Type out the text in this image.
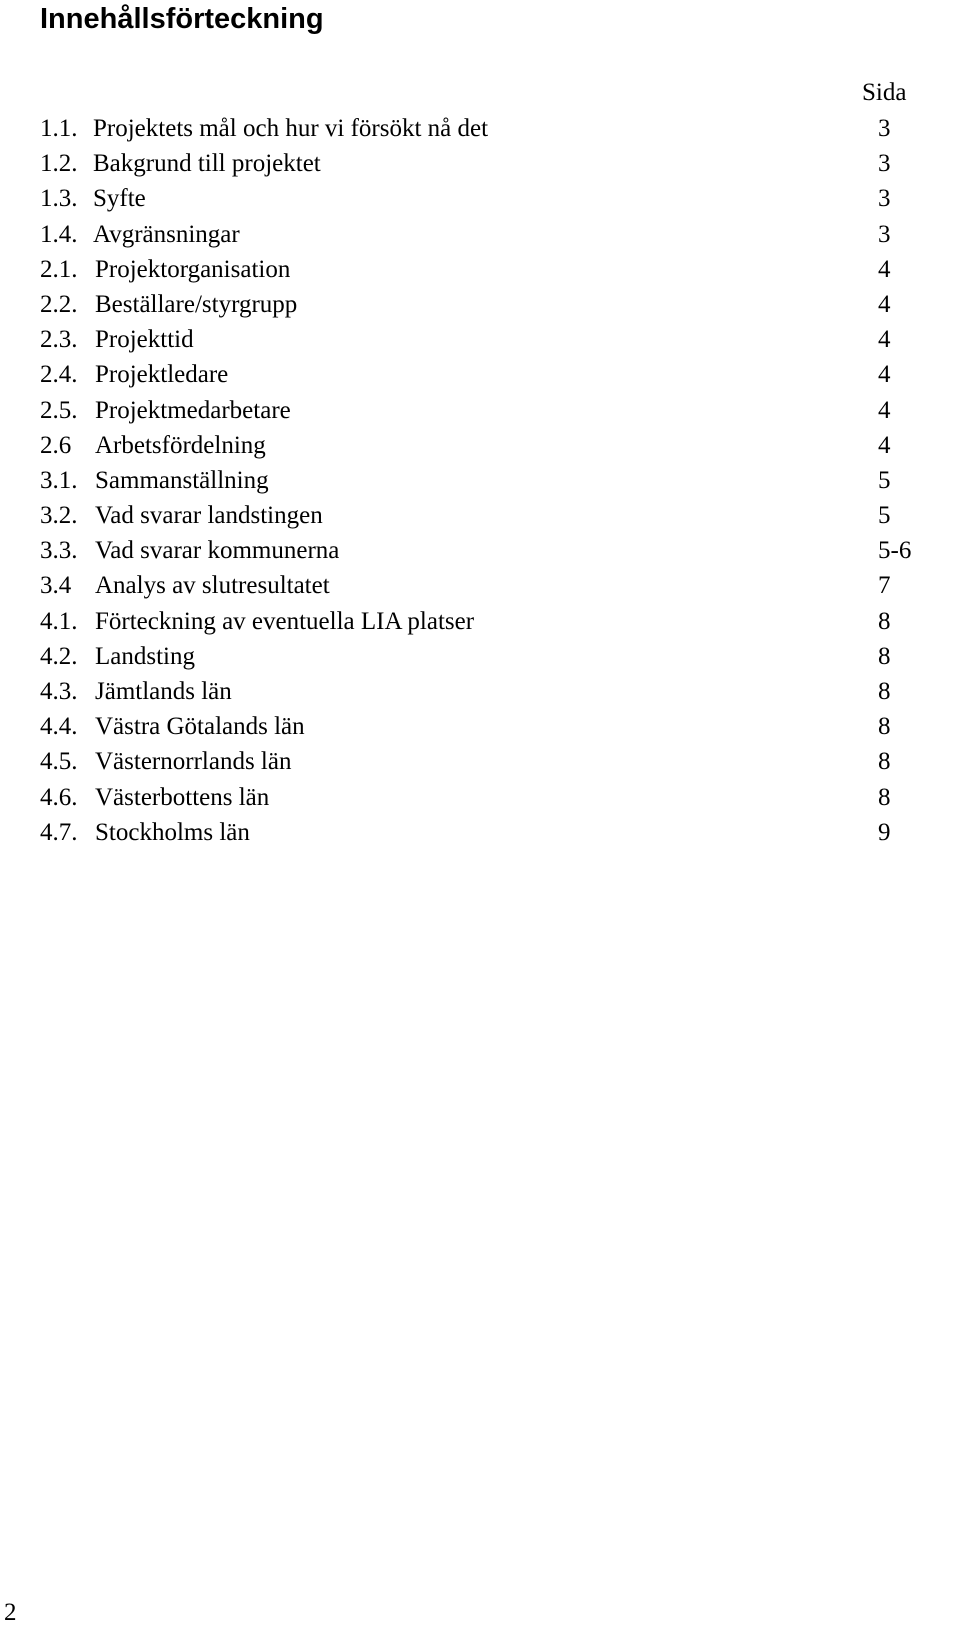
Innehållsförteckning
Sida
1.1. Projektets mål och hur vi försökt nå det	3
1.2. Bakgrund till projektet	3
1.3. Syfte	3
1.4. Avgränsningar	3
2.1. Projektorganisation	4
2.2. Beställare/styrgrupp	4
2.3. Projekttid	4
2.4. Projektledare	4
2.5. Projektmedarbetare	4
2.6 Arbetsfördelning	4
3.1. Sammanställning	5
3.2. Vad svarar landstingen	5
3.3. Vad svarar kommunerna	5-6
3.4 Analys av slutresultatet	7
4.1. Förteckning av eventuella LIA platser	8
4.2. Landsting	8
4.3. Jämtlands län	8
4.4. Västra Götalands län	8
4.5. Västernorrlands län	8
4.6. Västerbottens län	8
4.7. Stockholms län	9
2
